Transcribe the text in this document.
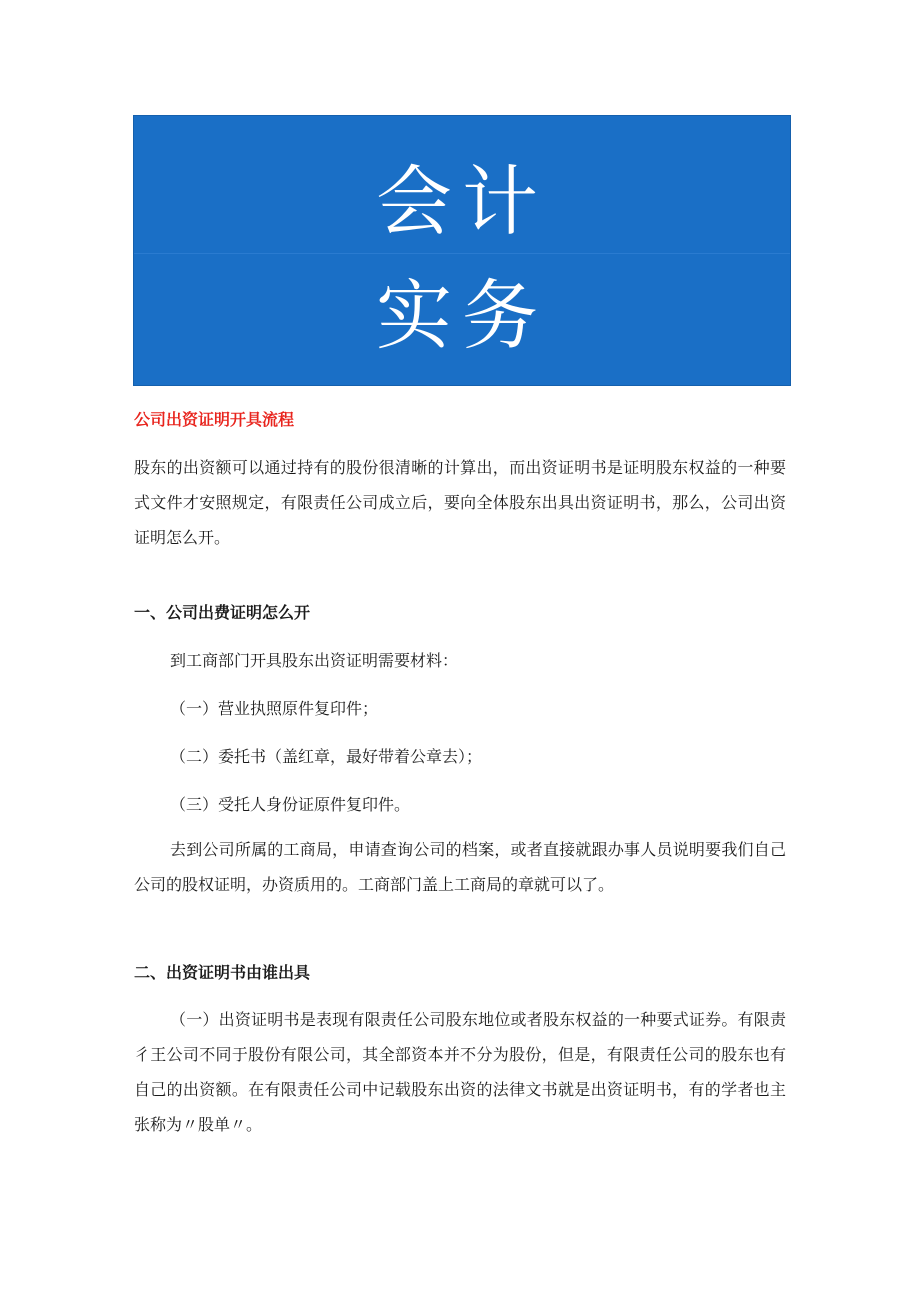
会计
实务
公司出资证明开具流程

股东的出资额可以通过持有的股份很清晰的计算出，而出资证明书是证明股东权益的一种要式文件才安照规定，有限责任公司成立后，要向全体股东出具出资证明书，那么，公司出资证明怎么开。

一、公司出费证明怎么开
到工商部门开具股东出资证明需要材料：
（一）营业执照原件复印件；
（二）委托书（盖红章，最好带着公章去）；
（三）受托人身份证原件复印件。

去到公司所属的工商局，申请查询公司的档案，或者直接就跟办事人员说明要我们自己公司的股权证明，办资质用的。工商部门盖上工商局的章就可以了。

二、出资证明书由谁出具

（一）出资证明书是表现有限责任公司股东地位或者股东权益的一种要式证券。有限责彳王公司不同于股份有限公司，其全部资本并不分为股份，但是，有限责任公司的股东也有自己的出资额。在有限责任公司中记载股东出资的法律文书就是出资证明书，有的学者也主张称为〃股单〃。
